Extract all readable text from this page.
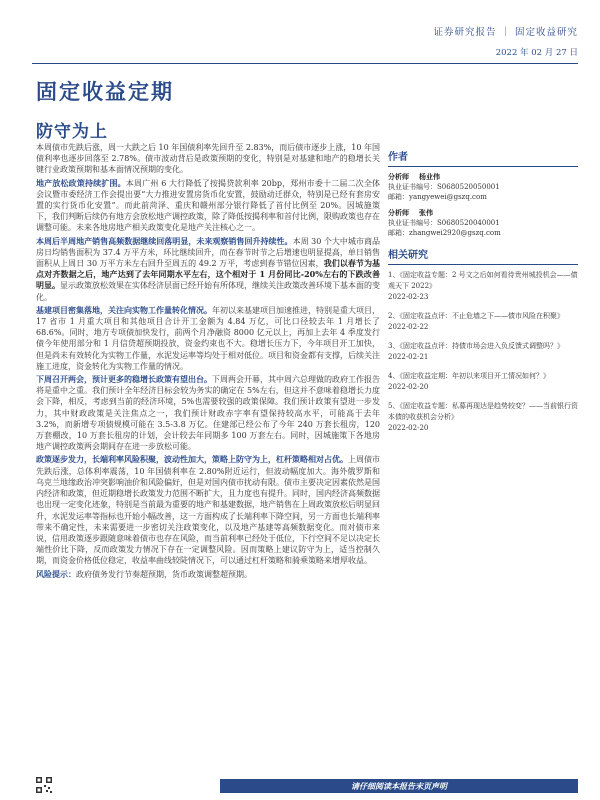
证券研究报告 ｜ 固定收益研究
2022 年 02 月 27 日
固定收益定期
防守为上

本周债市先跌后涨，周一大跌之后 10 年国债利率先回升至 2.83%，而后债市逐步上涨，10 年国债利率也逐步回落至 2.78%。债市波动背后是政策预期的变化，特别是对基建和地产的稳增长关键行业政策预期和基本面情况预期的变化。

地产放松政策持续扩围。本周广州 6 大行降低了按揭贷款利率 20bp，郑州市委十二届二次全体会议暨市委经济工作会提出要“大力推进安置房货币化安置，鼓励动迁群众，特别是已经有套房安置的实行货币化安置”。而此前菏泽、重庆和赣州部分银行降低了首付比例至 20%。因城施策下，我们判断后续仍有地方会放松地产调控政策，除了降低按揭利率和首付比例，限购政策也存在调整可能。未来各地房地产相关政策变化是地产关注核心之一。

本周后半周地产销售高频数据继续回落明显，未来观察销售回升持续性。本周 30 个大中城市商品房日均销售面积为 37.4 万平方米，环比继续回升，而在春节时节之后增速也明显提高，单日销售面积从上周日 30 万平方米左右回升至周五的 49.2 万平，考虑到春节错位因素，我们以春节为基点对齐数据之后，地产达到了去年同期水平左右，这个相对于 1 月份同比-20%左右的下跌改善明显。显示政策放松效果在实体经济层面已经开始有所体现，继续关注政策改善环境下基本面的变化。

基建项目密集落地，关注向实物工作量转化情况。年初以来基建项目加速推进，特别是重大项目，17 省市 1 月重大项目和其他项目合计开工金额为 4.84 万亿，可比口径较去年 1 月增长了 68.6%。同时，地方专项债加快发行，前两个月净融资 8000 亿元以上，再加上去年 4 季度发行债今年使用部分和 1 月信贷超预期投放，资金约束也不大。稳增长压力下，今年项目开工加快，但是尚未有效转化为实物工作量，水泥发运率等均处于相对低位。项目和资金都有支撑，后续关注施工进度，资金转化为实物工作量的情况。

下周召开两会，预计更多的稳增长政策有望出台。下周两会开幕，其中周六总理做的政府工作报告将是重中之重。我们预计全年经济目标会较为务实的确定在 5%左右，但这并不意味着稳增长力度会下降，相反，考虑到当前的经济环境，5%也需要较强的政策保障。我们预计政策有望进一步发力，其中财政政策是关注焦点之一，我们预计财政赤字率有望保持较高水平，可能高于去年 3.2%，而新增专项债规模可能在 3.5-3.8 万亿。住建部已经公布了今年 240 万套长租房，120 万套棚改，10 万套长租房的计划，会计较去年同期多 100 万套左右。同时，因城施策下各地房地产调控政策两会期间存在进一步放松可能。

政策逐步发力，长端利率风险积聚，波动性加大，策略上防守为上，杠杆策略相对占优。上周债市先跌后涨，总体利率震荡，10 年国债利率在 2.80%附近运行，但波动幅度加大。海外俄罗斯和乌克兰地缘政治冲突影响油价和风险偏好，但是对国内债市扰动有限。债市主要决定因素依然是国内经济和政策，但近期稳增长政策发力范围不断扩大，且力度也有提升。同时，国内经济高频数据也出现一定变化迹象，特别是当前最为重要的地产和基建数据，地产销售在上周政策放松后明显回升，水泥发运率等指标也开始小幅改善，这一方面构成了长端利率下降空间，另一方面也长端利率带来不确定性，未来需要进一步密切关注政策变化，以及地产基建等高频数据变化。而对债市来说，信用政策逐步跟随意味着债市也存在风险，而当前利率已经处于低位，下行空间不足以决定长端性价比下降，反而政策发力情况下存在一定调整风险。因而策略上建议防守为上，适当控制久期，而资金价格低位稳定，收益率曲线较陡情况下，可以通过杠杆策略和骑乘策略来增厚收益。

风险提示：政府债务发行节奏超预期，货币政策调整超预期。

作者
分析师 杨业伟
执业证书编号：S0680520050001
邮箱：yangyewei@gszq.com
分析师 张伟
执业证书编号：S0680520040001
邮箱：zhangwei2920@gszq.com
相关研究
1、《固定收益专题：2 号文之后如何看待贵州城投机会——债观天下 2022》
2022-02-23
2、《固定收益点评：不止危墙之下——债市风险在积聚》
2022-02-22
3、《固定收益点评：持债市场会进入负反馈式调整吗？》
2022-02-21
4、《固定收益定期：年初以来项目开工情况如何？》
2022-02-20
5、《固定收益专题：私募再现达是趋势较变？——当前银行资本债的收获机会分析》
2022-02-20
请仔细阅读本报告末页声明
